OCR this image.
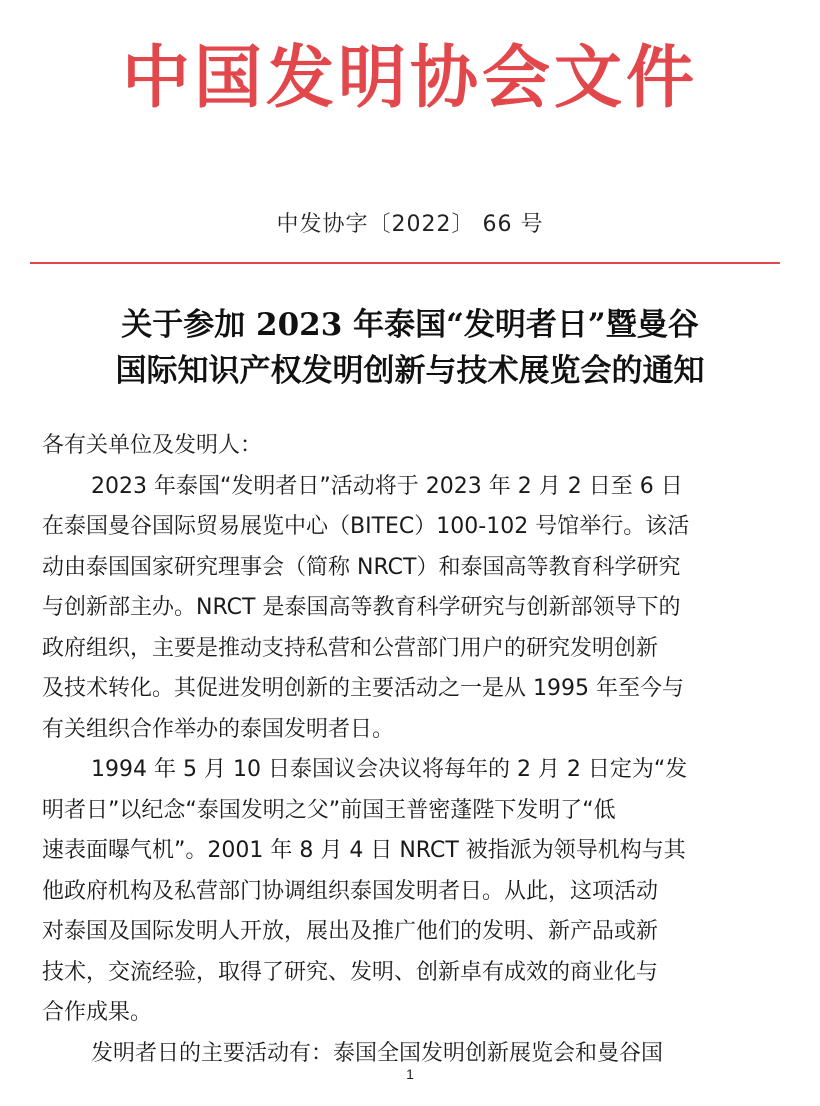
中国发明协会文件
中发协字〔2022〕 66 号
关于参加 2023 年泰国“发明者日”暨曼谷
国际知识产权发明创新与技术展览会的通知
各有关单位及发明人：
2023 年泰国“发明者日”活动将于 2023 年 2 月 2 日至 6 日
在泰国曼谷国际贸易展览中心（BITEC）100-102 号馆举行。该活
动由泰国国家研究理事会（简称 NRCT）和泰国高等教育科学研究
与创新部主办。NRCT 是泰国高等教育科学研究与创新部领导下的
政府组织，主要是推动支持私营和公营部门用户的研究发明创新
及技术转化。其促进发明创新的主要活动之一是从 1995 年至今与
有关组织合作举办的泰国发明者日。
1994 年 5 月 10 日泰国议会决议将每年的 2 月 2 日定为“发
明者日”以纪念“泰国发明之父”前国王普密蓬陛下发明了“低
速表面曝气机”。2001 年 8 月 4 日 NRCT 被指派为领导机构与其
他政府机构及私营部门协调组织泰国发明者日。从此，这项活动
对泰国及国际发明人开放，展出及推广他们的发明、新产品或新
技术，交流经验，取得了研究、发明、创新卓有成效的商业化与
合作成果。
发明者日的主要活动有：泰国全国发明创新展览会和曼谷国
1
